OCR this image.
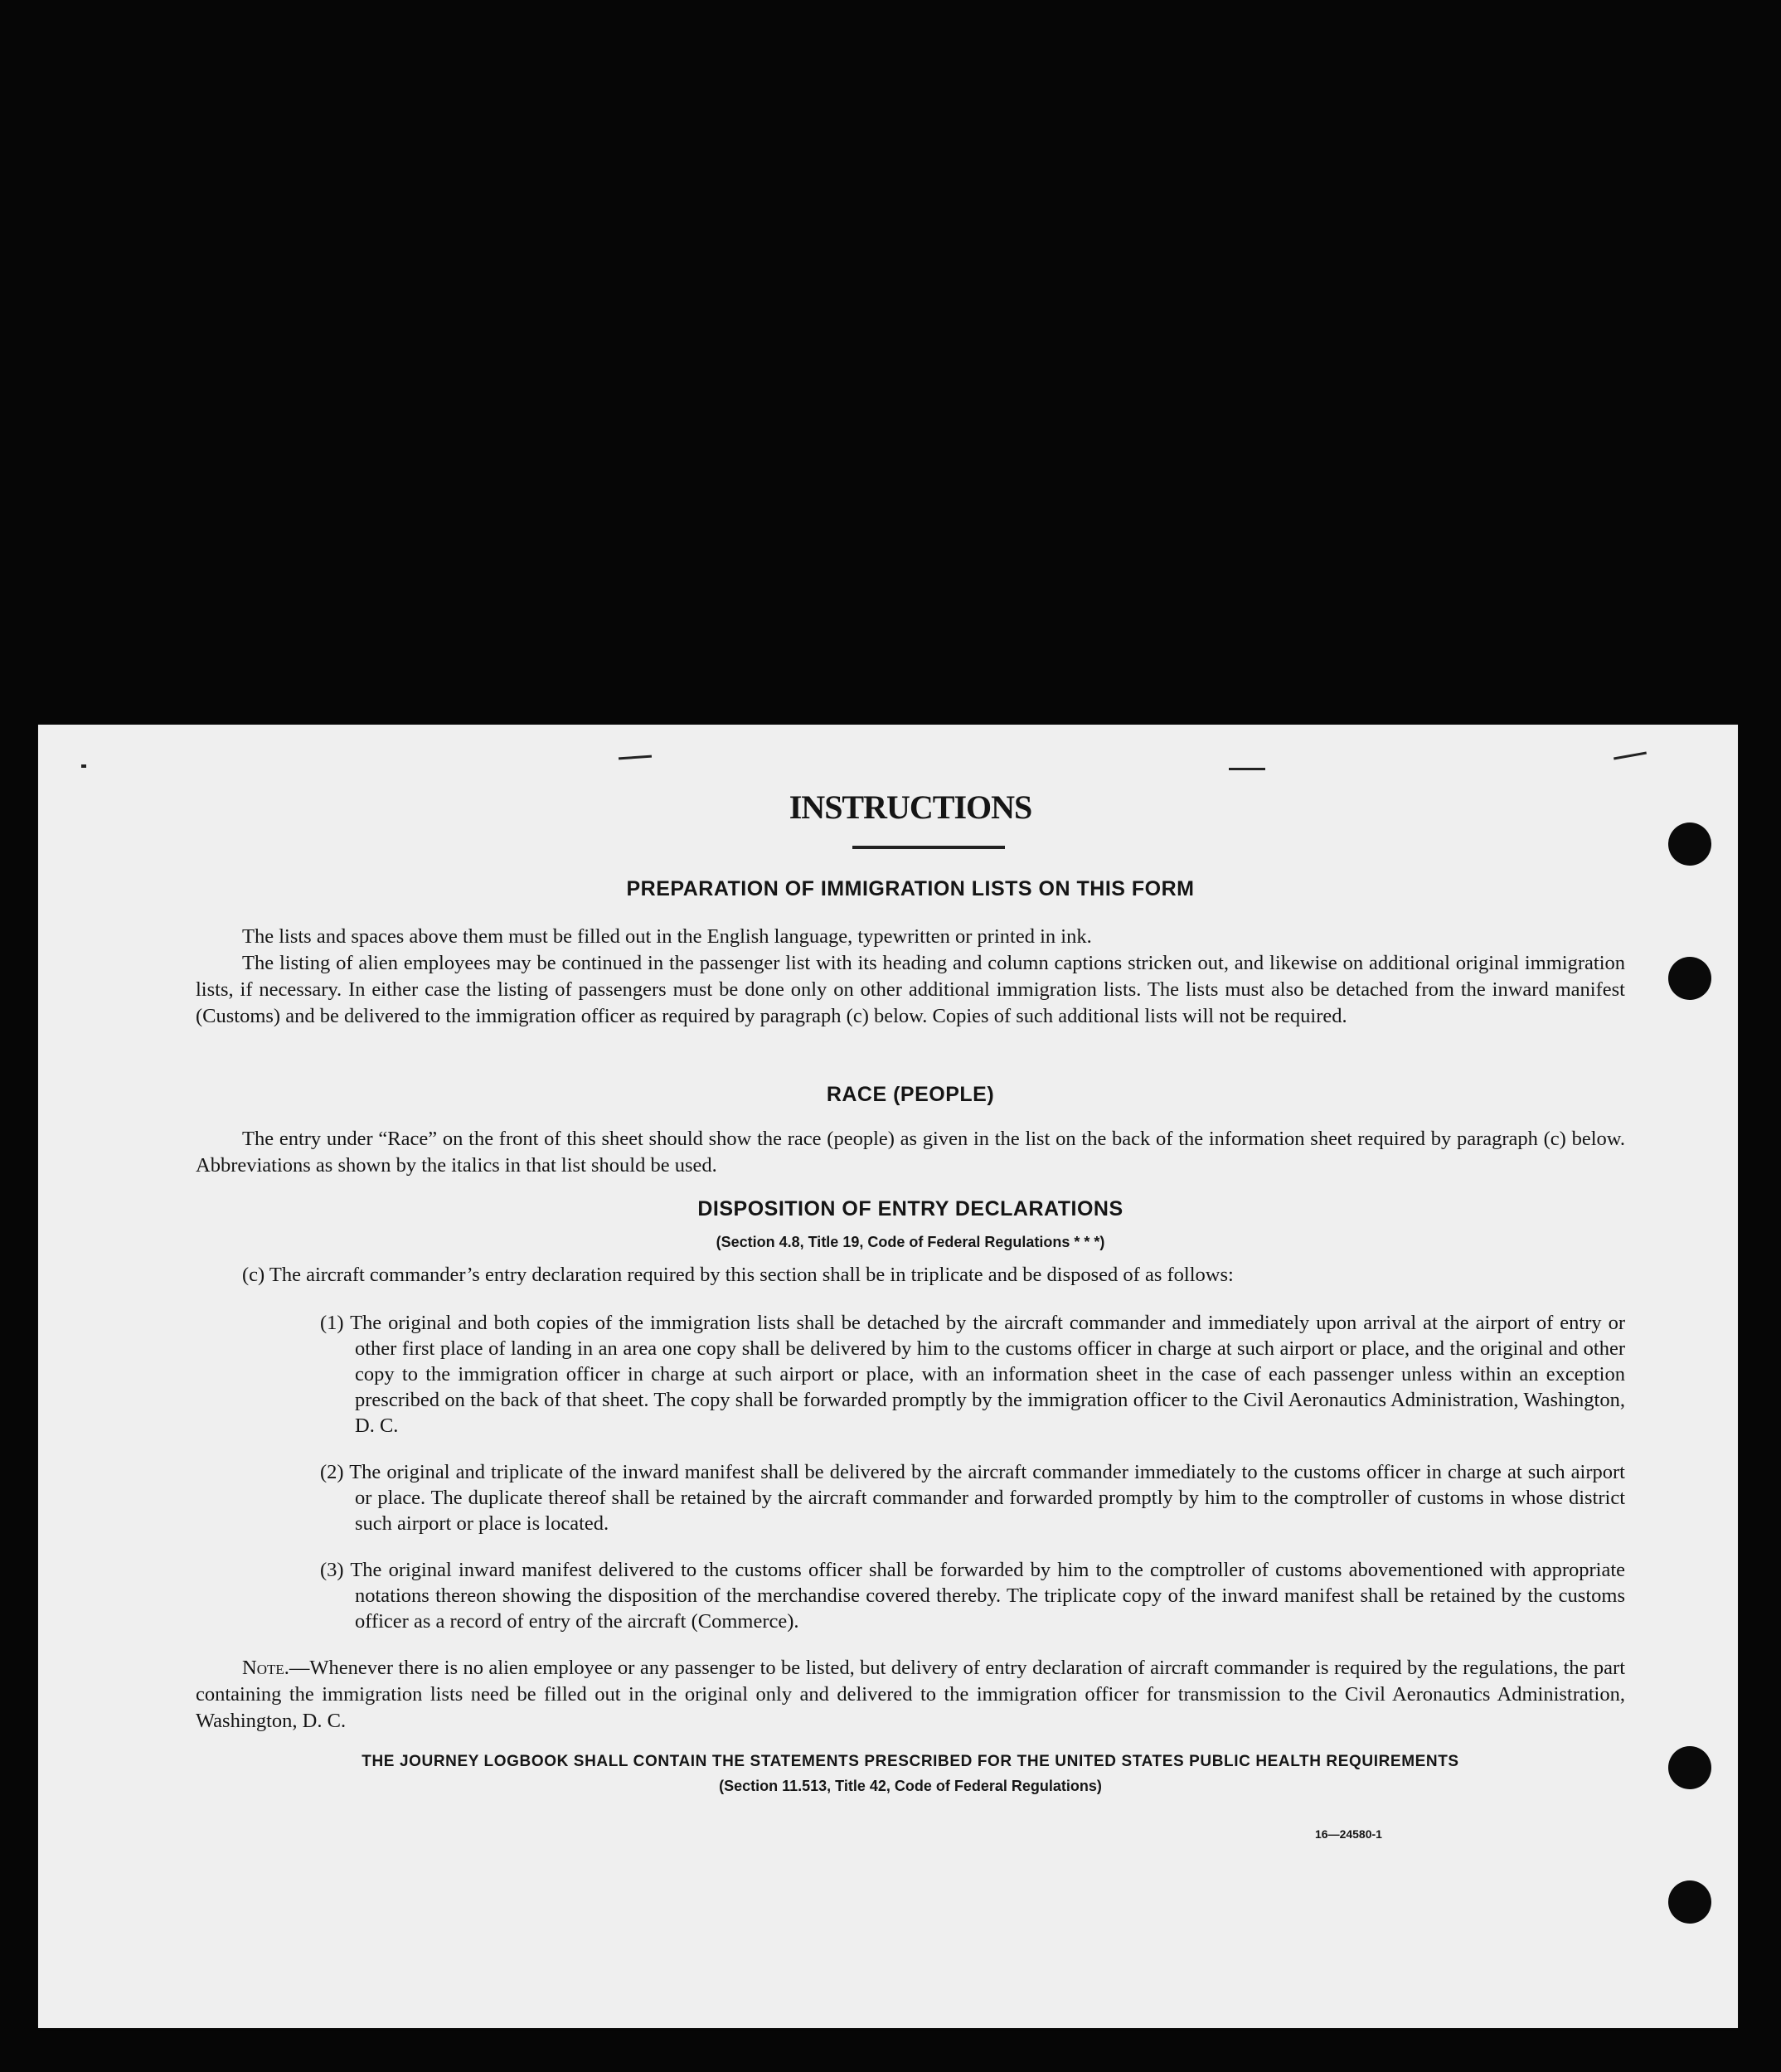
INSTRUCTIONS
PREPARATION OF IMMIGRATION LISTS ON THIS FORM
The lists and spaces above them must be filled out in the English language, typewritten or printed in ink.
The listing of alien employees may be continued in the passenger list with its heading and column captions stricken out, and likewise on additional original immigration lists, if necessary. In either case the listing of passengers must be done only on other additional immigration lists. The lists must also be detached from the inward manifest (Customs) and be delivered to the immigration officer as required by paragraph (c) below. Copies of such additional lists will not be required.
RACE (PEOPLE)
The entry under “Race” on the front of this sheet should show the race (people) as given in the list on the back of the information sheet required by paragraph (c) below. Abbreviations as shown by the italics in that list should be used.
DISPOSITION OF ENTRY DECLARATIONS
(Section 4.8, Title 19, Code of Federal Regulations * * *)
(c) The aircraft commander’s entry declaration required by this section shall be in triplicate and be disposed of as follows:
(1) The original and both copies of the immigration lists shall be detached by the aircraft commander and immediately upon arrival at the airport of entry or other first place of landing in an area one copy shall be delivered by him to the customs officer in charge at such airport or place, and the original and other copy to the immigration officer in charge at such airport or place, with an information sheet in the case of each passenger unless within an exception prescribed on the back of that sheet. The copy shall be forwarded promptly by the immigration officer to the Civil Aeronautics Administration, Washington, D. C.
(2) The original and triplicate of the inward manifest shall be delivered by the aircraft commander immediately to the customs officer in charge at such airport or place. The duplicate thereof shall be retained by the aircraft commander and forwarded promptly by him to the comptroller of customs in whose district such airport or place is located.
(3) The original inward manifest delivered to the customs officer shall be forwarded by him to the comptroller of customs abovementioned with appropriate notations thereon showing the disposition of the merchandise covered thereby. The triplicate copy of the inward manifest shall be retained by the customs officer as a record of entry of the aircraft (Commerce).
Note.—Whenever there is no alien employee or any passenger to be listed, but delivery of entry declaration of aircraft commander is required by the regulations, the part containing the immigration lists need be filled out in the original only and delivered to the immigration officer for transmission to the Civil Aeronautics Administration, Washington, D. C.
THE JOURNEY LOGBOOK SHALL CONTAIN THE STATEMENTS PRESCRIBED FOR THE UNITED STATES PUBLIC HEALTH REQUIREMENTS
(Section 11.513, Title 42, Code of Federal Regulations)
16—24580-1
